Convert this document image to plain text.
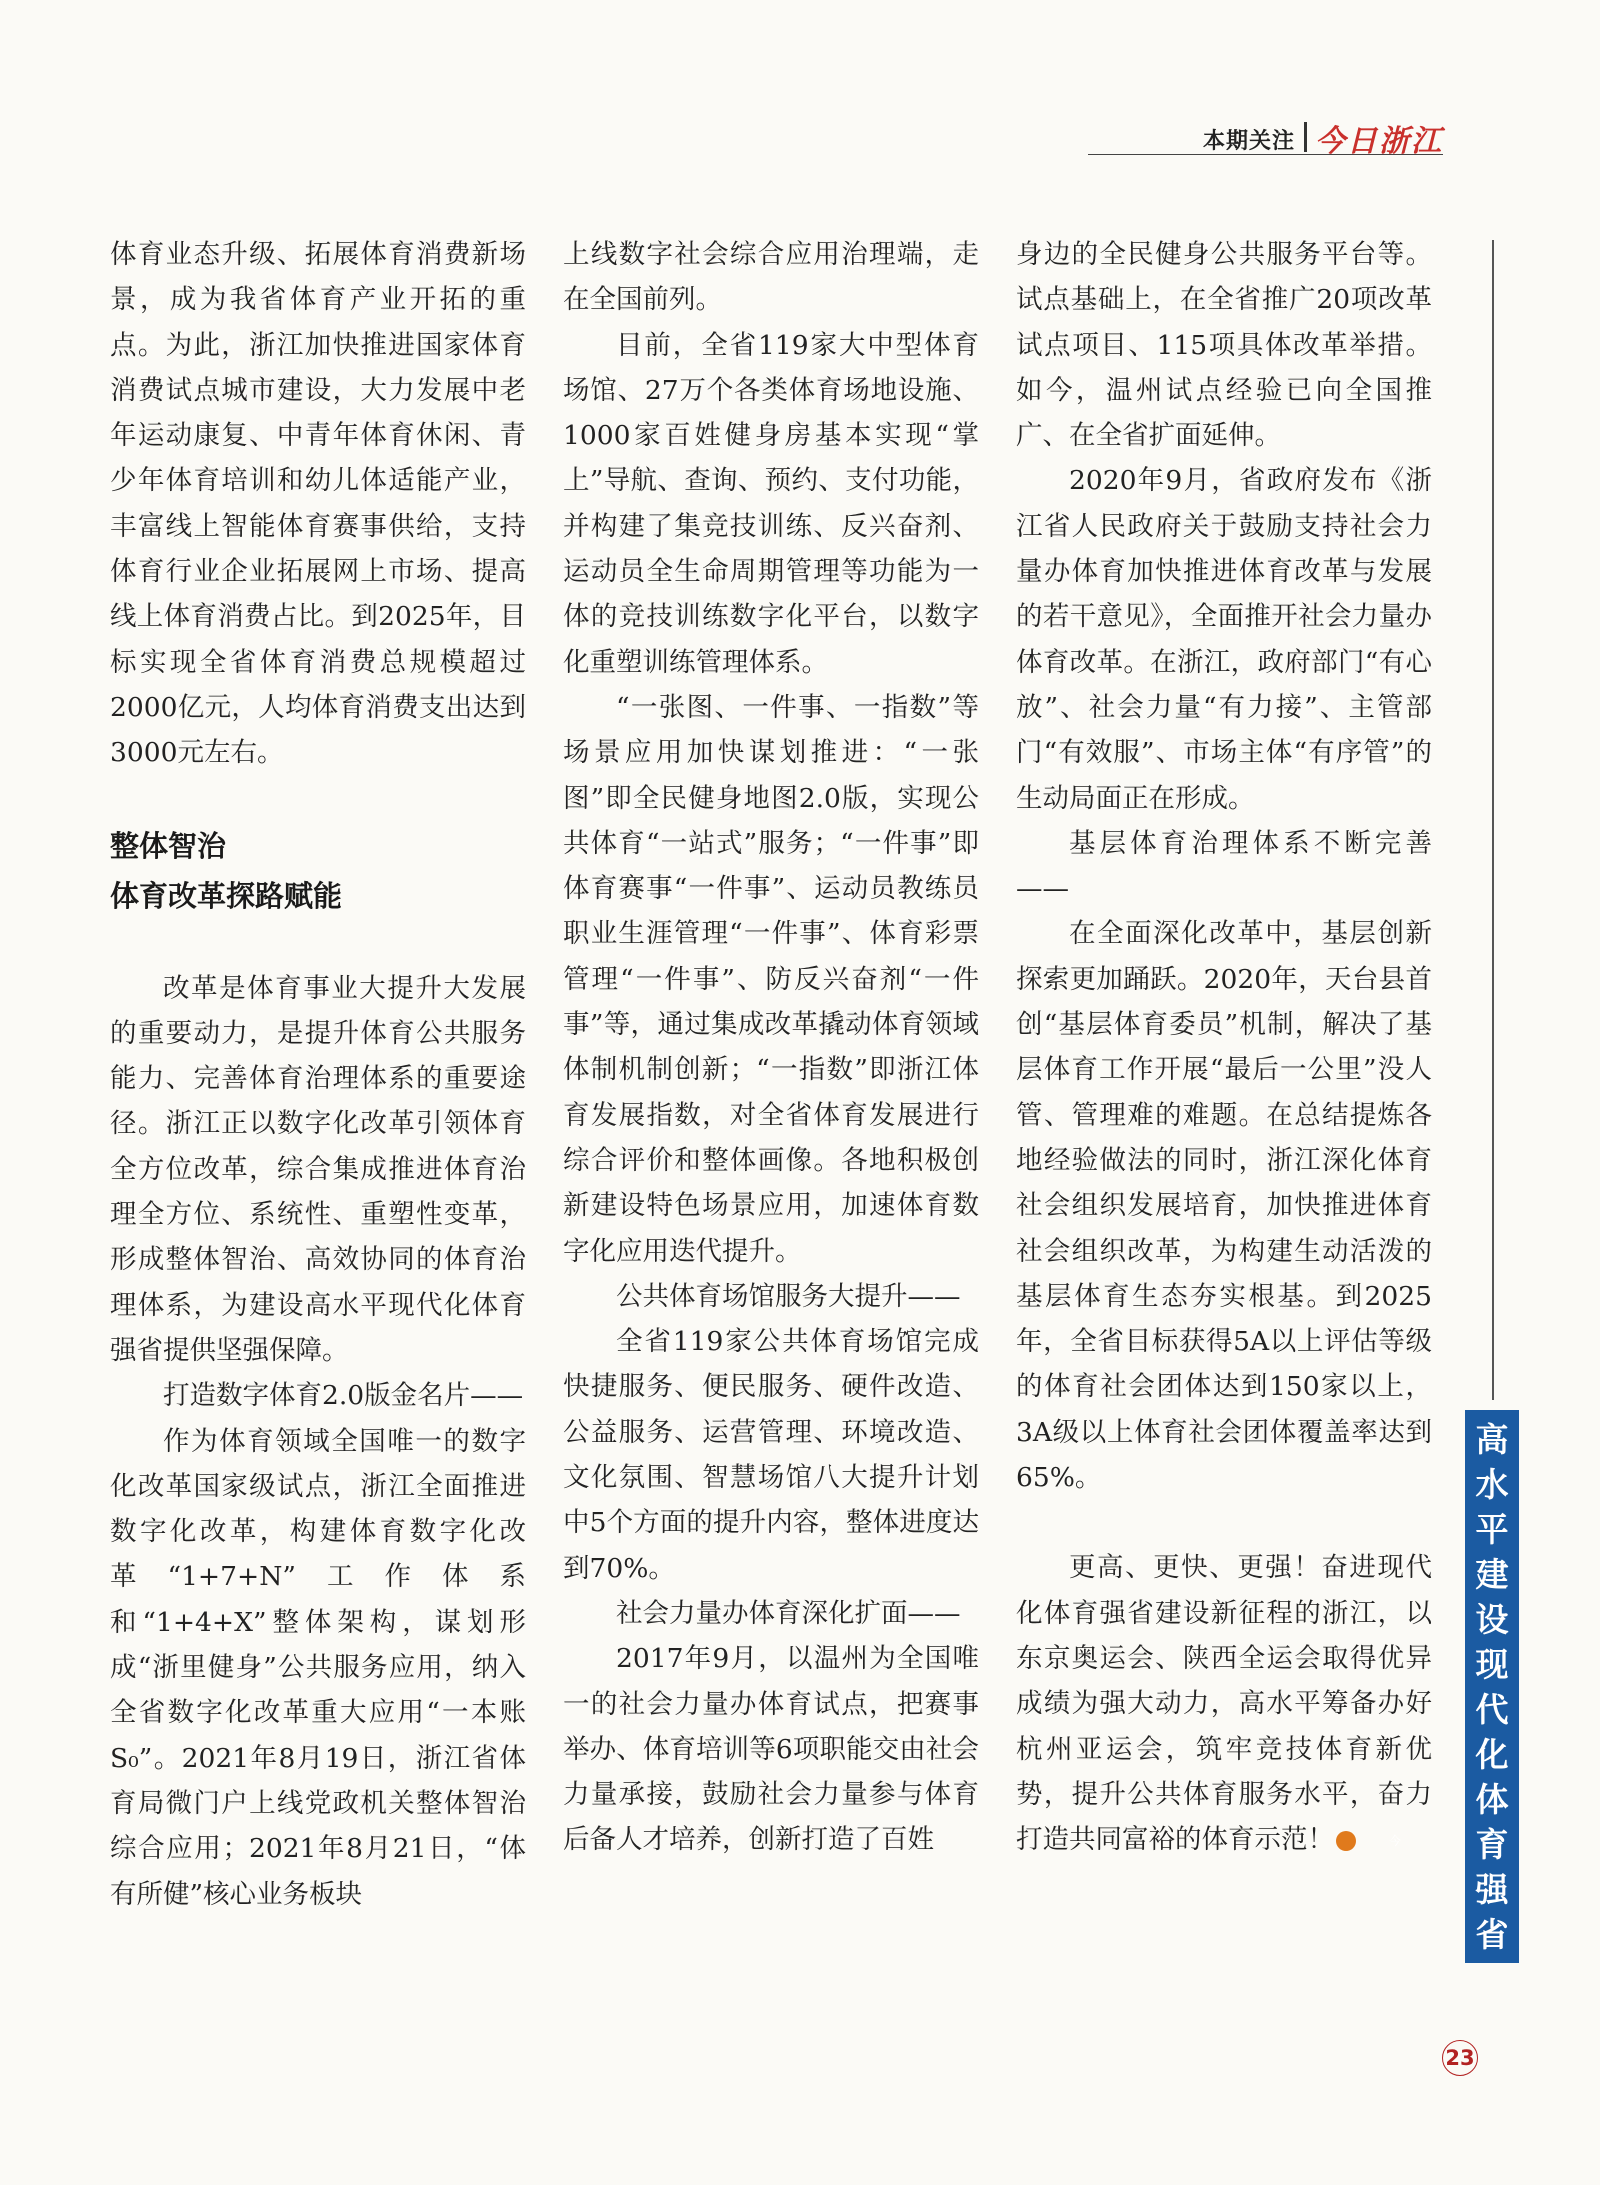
本期关注 今日浙江

体育业态升级、拓展体育消费新场景，成为我省体育产业开拓的重点。为此，浙江加快推进国家体育消费试点城市建设，大力发展中老年运动康复、中青年体育休闲、青少年体育培训和幼儿体适能产业，丰富线上智能体育赛事供给，支持体育行业企业拓展网上市场、提高线上体育消费占比。到2025年，目标实现全省体育消费总规模超过2000亿元，人均体育消费支出达到3000元左右。

整体智治

体育改革探路赋能

改革是体育事业大提升大发展的重要动力，是提升体育公共服务能力、完善体育治理体系的重要途径。浙江正以数字化改革引领体育全方位改革，综合集成推进体育治理全方位、系统性、重塑性变革，形成整体智治、高效协同的体育治理体系，为建设高水平现代化体育强省提供坚强保障。

打造数字体育2.0版金名片——

作为体育领域全国唯一的数字化改革国家级试点，浙江全面推进数字化改革，构建体育数字化改革“1+7+N”工作体系和“1+4+X”整体架构，谋划形成“浙里健身”公共服务应用，纳入全省数字化改革重大应用“一本账S₀”。2021年8月19日，浙江省体育局微门户上线党政机关整体智治综合应用；2021年8月21日，“体有所健”核心业务板块

上线数字社会综合应用治理端，走在全国前列。

目前，全省119家大中型体育场馆、27万个各类体育场地设施、1000家百姓健身房基本实现“掌上”导航、查询、预约、支付功能，并构建了集竞技训练、反兴奋剂、运动员全生命周期管理等功能为一体的竞技训练数字化平台，以数字化重塑训练管理体系。

“一张图、一件事、一指数”等场景应用加快谋划推进：“一张图”即全民健身地图2.0版，实现公共体育“一站式”服务；“一件事”即体育赛事“一件事”、运动员教练员职业生涯管理“一件事”、体育彩票管理“一件事”、防反兴奋剂“一件事”等，通过集成改革撬动体育领域体制机制创新；“一指数”即浙江体育发展指数，对全省体育发展进行综合评价和整体画像。各地积极创新建设特色场景应用，加速体育数字化应用迭代提升。

公共体育场馆服务大提升——

全省119家公共体育场馆完成快捷服务、便民服务、硬件改造、公益服务、运营管理、环境改造、文化氛围、智慧场馆八大提升计划中5个方面的提升内容，整体进度达到70%。

社会力量办体育深化扩面——

2017年9月，以温州为全国唯一的社会力量办体育试点，把赛事举办、体育培训等6项职能交由社会力量承接，鼓励社会力量参与体育后备人才培养，创新打造了百姓

身边的全民健身公共服务平台等。试点基础上，在全省推广20项改革试点项目、115项具体改革举措。如今，温州试点经验已向全国推广、在全省扩面延伸。

2020年9月，省政府发布《浙江省人民政府关于鼓励支持社会力量办体育加快推进体育改革与发展的若干意见》，全面推开社会力量办体育改革。在浙江，政府部门“有心放”、社会力量“有力接”、主管部门“有效服”、市场主体“有序管”的生动局面正在形成。

基层体育治理体系不断完善——

在全面深化改革中，基层创新探索更加踊跃。2020年，天台县首创“基层体育委员”机制，解决了基层体育工作开展“最后一公里”没人管、管理难的难题。在总结提炼各地经验做法的同时，浙江深化体育社会组织发展培育，加快推进体育社会组织改革，为构建生动活泼的基层体育生态夯实根基。到2025年，全省目标获得5A以上评估等级的体育社会团体达到150家以上，3A级以上体育社会团体覆盖率达到65%。

更高、更快、更强！奋进现代化体育强省建设新征程的浙江，以东京奥运会、陕西全运会取得优异成绩为强大动力，高水平筹备办好杭州亚运会，筑牢竞技体育新优势，提升公共体育服务水平，奋力打造共同富裕的体育示范！	今

高
水
平
建
设
现
代
化
体
育
强
省
23
